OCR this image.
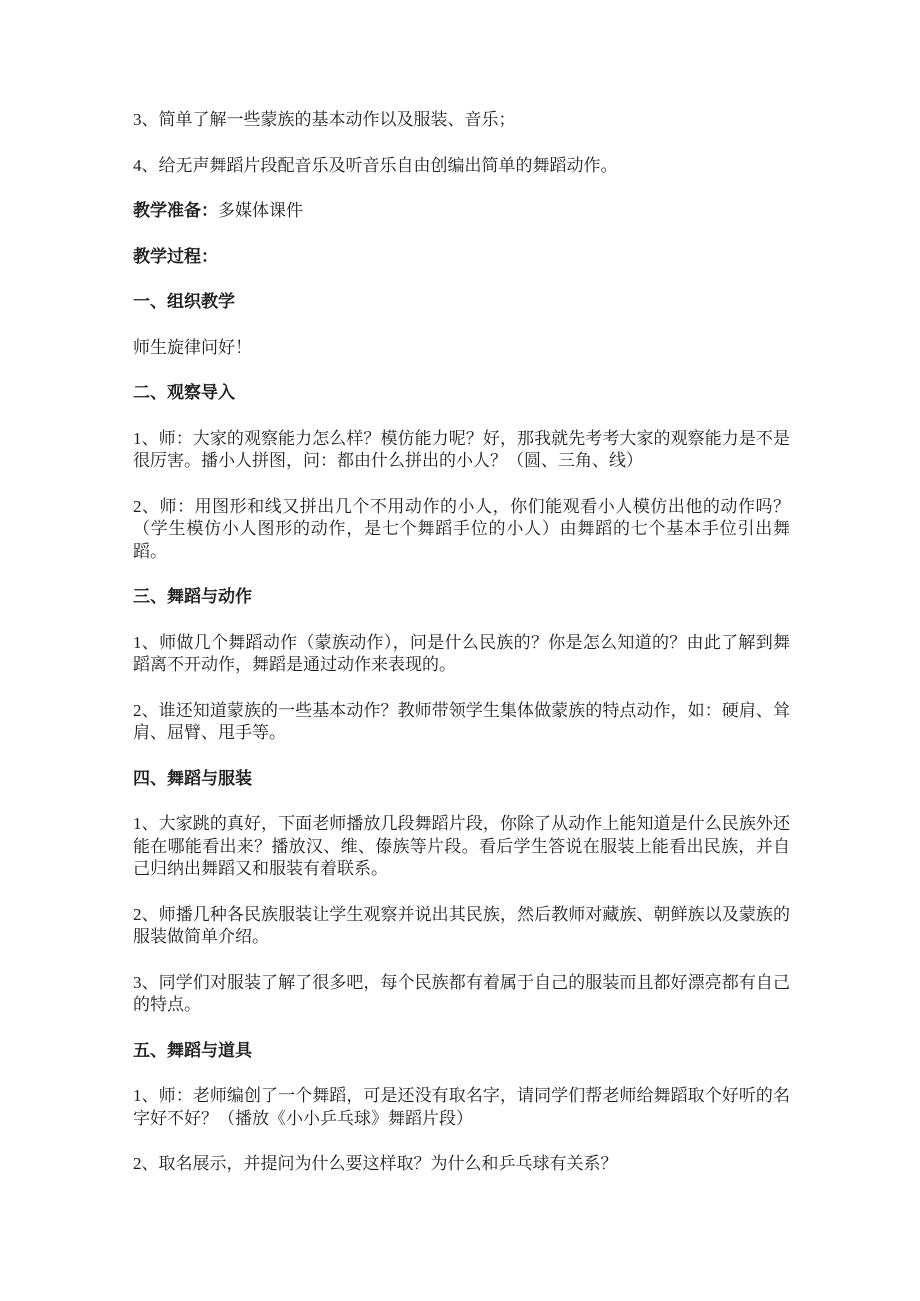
3、简单了解一些蒙族的基本动作以及服装、音乐；

4、给无声舞蹈片段配音乐及听音乐自由创编出简单的舞蹈动作。

教学准备：多媒体课件

教学过程：

一、组织教学

师生旋律问好！

二、观察导入

1、师：大家的观察能力怎么样？模仿能力呢？好，那我就先考考大家的观察能力是不是很厉害。播小人拼图，问：都由什么拼出的小人？（圆、三角、线）

2、师：用图形和线又拼出几个不用动作的小人，你们能观看小人模仿出他的动作吗？（学生模仿小人图形的动作，是七个舞蹈手位的小人）由舞蹈的七个基本手位引出舞蹈。

三、舞蹈与动作

1、师做几个舞蹈动作（蒙族动作），问是什么民族的？你是怎么知道的？由此了解到舞蹈离不开动作，舞蹈是通过动作来表现的。

2、谁还知道蒙族的一些基本动作？教师带领学生集体做蒙族的特点动作，如：硬肩、耸肩、屈臂、甩手等。

四、舞蹈与服装

1、大家跳的真好，下面老师播放几段舞蹈片段，你除了从动作上能知道是什么民族外还能在哪能看出来？播放汉、维、傣族等片段。看后学生答说在服装上能看出民族，并自己归纳出舞蹈又和服装有着联系。

2、师播几种各民族服装让学生观察并说出其民族，然后教师对藏族、朝鲜族以及蒙族的服装做简单介绍。

3、同学们对服装了解了很多吧，每个民族都有着属于自己的服装而且都好漂亮都有自己的特点。

五、舞蹈与道具

1、师：老师编创了一个舞蹈，可是还没有取名字，请同学们帮老师给舞蹈取个好听的名字好不好？（播放《小小乒乓球》舞蹈片段）

2、取名展示，并提问为什么要这样取？为什么和乒乓球有关系？
